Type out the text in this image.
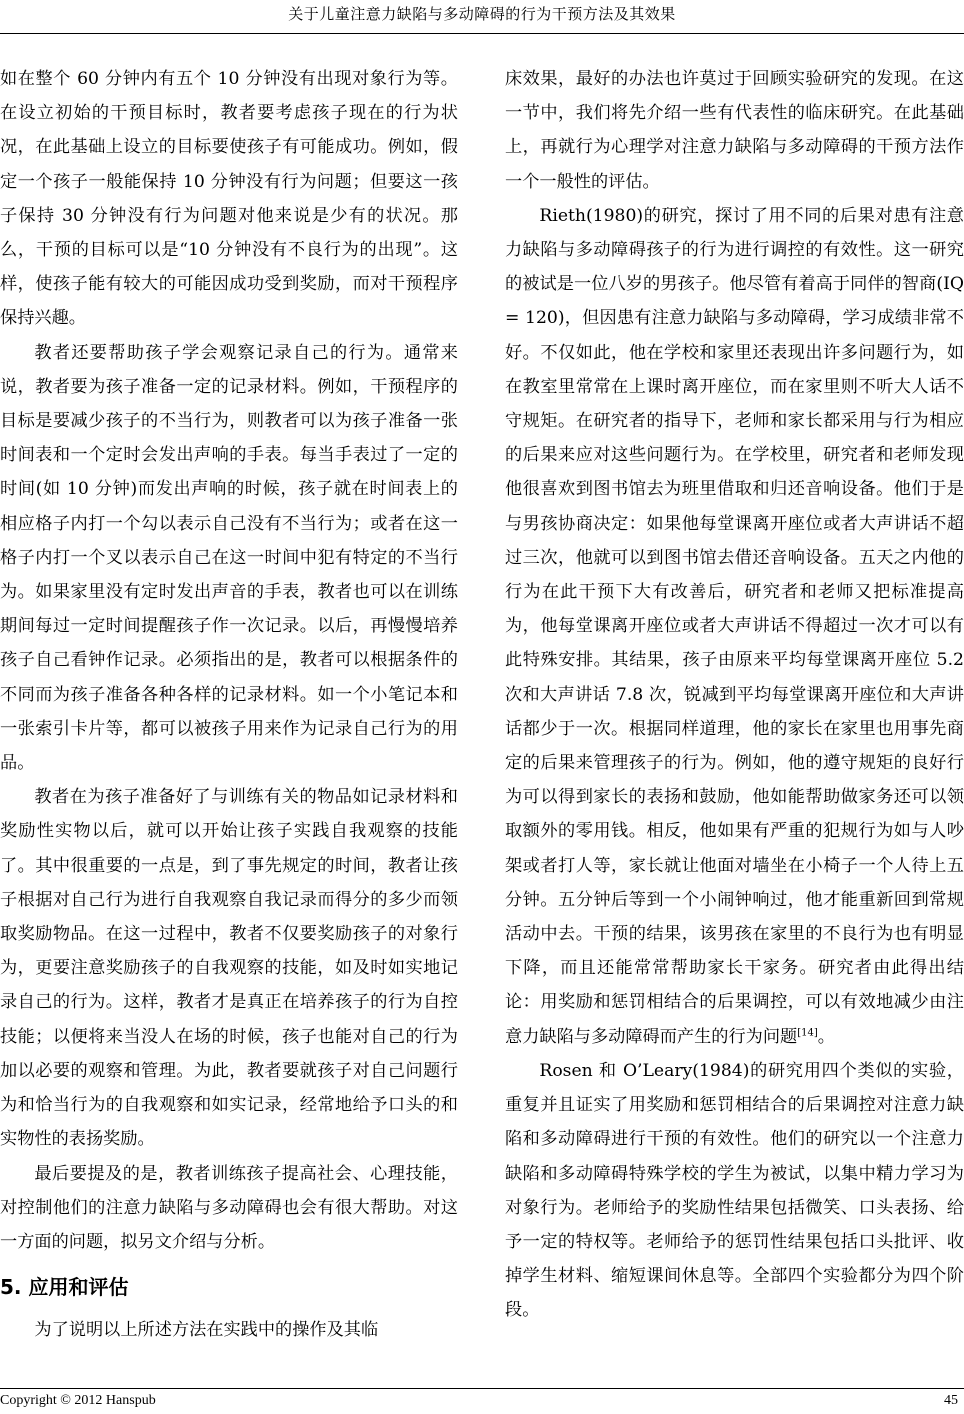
关于儿童注意力缺陷与多动障碍的行为干预方法及其效果

如在整个 60 分钟内有五个 10 分钟没有出现对象行为等。在设立初始的干预目标时，教者要考虑孩子现在的行为状况，在此基础上设立的目标要使孩子有可能成功。例如，假定一个孩子一般能保持 10 分钟没有行为问题；但要这一孩子保持 30 分钟没有行为问题对他来说是少有的状况。那么，干预的目标可以是“10 分钟没有不良行为的出现”。这样，使孩子能有较大的可能因成功受到奖励，而对干预程序保持兴趣。

教者还要帮助孩子学会观察记录自己的行为。通常来说，教者要为孩子准备一定的记录材料。例如，干预程序的目标是要减少孩子的不当行为，则教者可以为孩子准备一张时间表和一个定时会发出声响的手表。每当手表过了一定的时间(如 10 分钟)而发出声响的时候，孩子就在时间表上的相应格子内打一个勾以表示自己没有不当行为；或者在这一格子内打一个叉以表示自己在这一时间中犯有特定的不当行为。如果家里没有定时发出声音的手表，教者也可以在训练期间每过一定时间提醒孩子作一次记录。以后，再慢慢培养孩子自己看钟作记录。必须指出的是，教者可以根据条件的不同而为孩子准备各种各样的记录材料。如一个小笔记本和一张索引卡片等，都可以被孩子用来作为记录自己行为的用品。

教者在为孩子准备好了与训练有关的物品如记录材料和奖励性实物以后，就可以开始让孩子实践自我观察的技能了。其中很重要的一点是，到了事先规定的时间，教者让孩子根据对自己行为进行自我观察自我记录而得分的多少而领取奖励物品。在这一过程中，教者不仅要奖励孩子的对象行为，更要注意奖励孩子的自我观察的技能，如及时如实地记录自己的行为。这样，教者才是真正在培养孩子的行为自控技能；以便将来当没人在场的时候，孩子也能对自己的行为加以必要的观察和管理。为此，教者要就孩子对自己问题行为和恰当行为的自我观察和如实记录，经常地给予口头的和实物性的表扬奖励。

最后要提及的是，教者训练孩子提高社会、心理技能，对控制他们的注意力缺陷与多动障碍也会有很大帮助。对这一方面的问题，拟另文介绍与分析。

5. 应用和评估

为了说明以上所述方法在实践中的操作及其临

床效果，最好的办法也许莫过于回顾实验研究的发现。在这一节中，我们将先介绍一些有代表性的临床研究。在此基础上，再就行为心理学对注意力缺陷与多动障碍的干预方法作一个一般性的评估。

Rieth(1980)的研究，探讨了用不同的后果对患有注意力缺陷与多动障碍孩子的行为进行调控的有效性。这一研究的被试是一位八岁的男孩子。他尽管有着高于同伴的智商(IQ = 120)，但因患有注意力缺陷与多动障碍，学习成绩非常不好。不仅如此，他在学校和家里还表现出许多问题行为，如在教室里常常在上课时离开座位，而在家里则不听大人话不守规矩。在研究者的指导下，老师和家长都采用与行为相应的后果来应对这些问题行为。在学校里，研究者和老师发现他很喜欢到图书馆去为班里借取和归还音响设备。他们于是与男孩协商决定：如果他每堂课离开座位或者大声讲话不超过三次，他就可以到图书馆去借还音响设备。五天之内他的行为在此干预下大有改善后，研究者和老师又把标准提高为，他每堂课离开座位或者大声讲话不得超过一次才可以有此特殊安排。其结果，孩子由原来平均每堂课离开座位 5.2 次和大声讲话 7.8 次，锐减到平均每堂课离开座位和大声讲话都少于一次。根据同样道理，他的家长在家里也用事先商定的后果来管理孩子的行为。例如，他的遵守规矩的良好行为可以得到家长的表扬和鼓励，他如能帮助做家务还可以领取额外的零用钱。相反，他如果有严重的犯规行为如与人吵架或者打人等，家长就让他面对墙坐在小椅子一个人待上五分钟。五分钟后等到一个小闹钟响过，他才能重新回到常规活动中去。干预的结果，该男孩在家里的不良行为也有明显下降，而且还能常常帮助家长干家务。研究者由此得出结论：用奖励和惩罚相结合的后果调控，可以有效地减少由注意力缺陷与多动障碍而产生的行为问题[14]。

Rosen 和 O’Leary(1984)的研究用四个类似的实验，重复并且证实了用奖励和惩罚相结合的后果调控对注意力缺陷和多动障碍进行干预的有效性。他们的研究以一个注意力缺陷和多动障碍特殊学校的学生为被试，以集中精力学习为对象行为。老师给予的奖励性结果包括微笑、口头表扬、给予一定的特权等。老师给予的惩罚性结果包括口头批评、收掉学生材料、缩短课间休息等。全部四个实验都分为四个阶段。

Copyright © 2012 Hanspub	45
